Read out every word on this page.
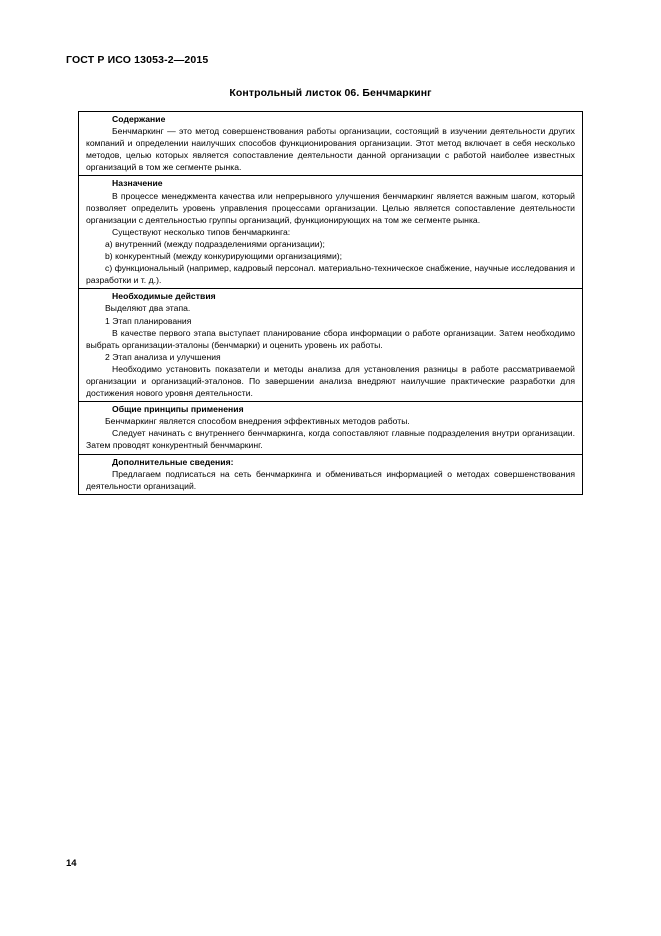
ГОСТ Р ИСО 13053-2—2015
Контрольный листок 06. Бенчмаркинг
Содержание

Бенчмаркинг — это метод совершенствования работы организации, состоящий в изучении деятельности других компаний и определении наилучших способов функционирования организации. Этот метод включает в себя несколько методов, целью которых является сопоставление деятельности данной организации с работой наиболее известных организаций в том же сегменте рынка.

Назначение

В процессе менеджмента качества или непрерывного улучшения бенчмаркинг является важным шагом, который позволяет определить уровень управления процессами организации. Целью является сопоставление деятельности организации с деятельностью группы организаций, функционирующих на том же сегменте рынка.

Существуют несколько типов бенчмаркинга:

a) внутренний (между подразделениями организации);

b) конкурентный (между конкурирующими организациями);

c) функциональный (например, кадровый персонал. материально-техническое снабжение, научные исследования и разработки и т. д.).

Необходимые действия

Выделяют два этапа.

1 Этап планирования

В качестве первого этапа выступает планирование сбора информации о работе организации. Затем необходимо выбрать организации-эталоны (бенчмарки) и оценить уровень их работы.

2 Этап анализа и улучшения

Необходимо установить показатели и методы анализа для установления разницы в работе рассматриваемой организации и организаций-эталонов. По завершении анализа внедряют наилучшие практические разработки для достижения нового уровня деятельности.

Общие принципы применения

Бенчмаркинг является способом внедрения эффективных методов работы.

Следует начинать с внутреннего бенчмаркинга, когда сопоставляют главные подразделения внутри организации. Затем проводят конкурентный бенчмаркинг.

Дополнительные сведения:

Предлагаем подписаться на сеть бенчмаркинга и обмениваться информацией о методах совершенствования деятельности организаций.

14
